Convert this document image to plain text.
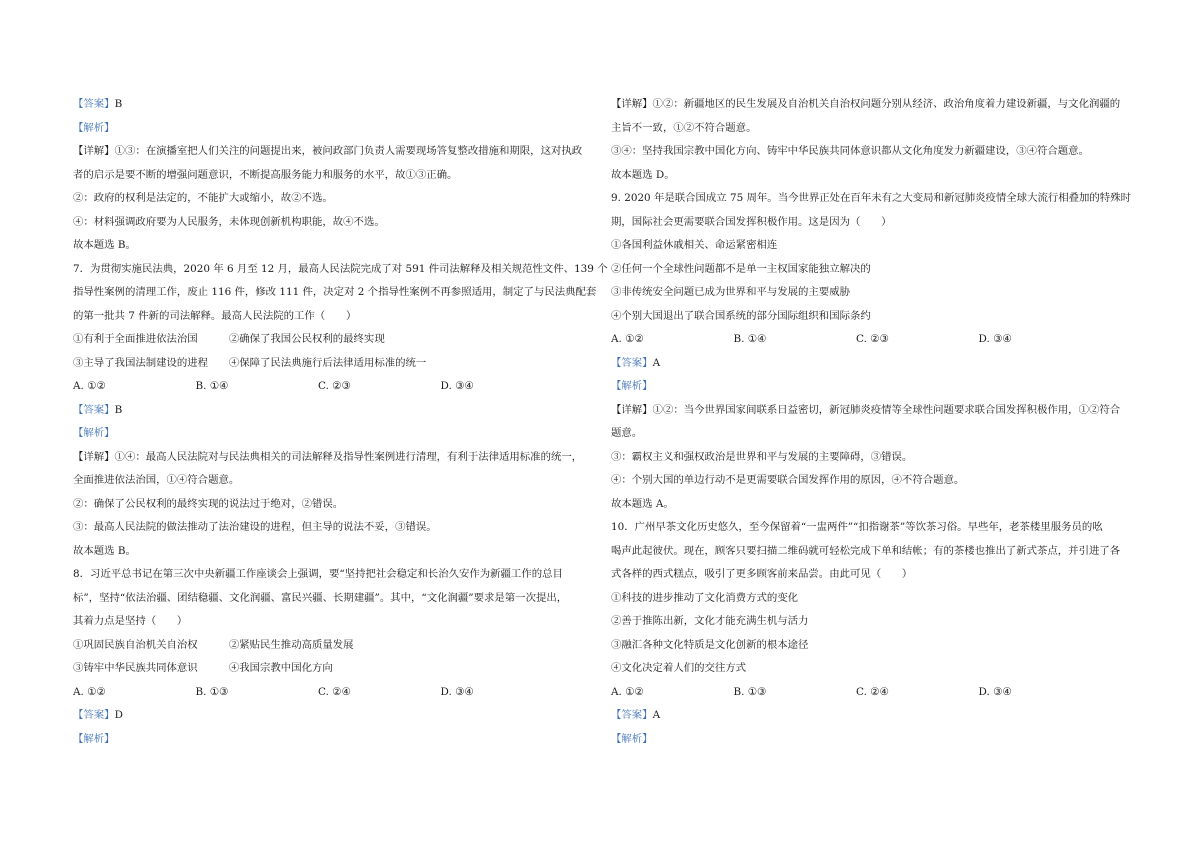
【答案】B
【解析】
【详解】①③：在演播室把人们关注的问题提出来，被问政部门负责人需要现场答复整改措施和期限，这对执政
者的启示是要不断的增强问题意识，不断提高服务能力和服务的水平，故①③正确。
②：政府的权利是法定的，不能扩大或缩小，故②不选。
④：材料强调政府要为人民服务，未体现创新机构职能，故④不选。
故本题选 B。
7．为贯彻实施民法典，2020 年 6 月至 12 月，最高人民法院完成了对 591 件司法解释及相关规范性文件、139 个
指导性案例的清理工作，废止 116 件，修改 111 件，决定对 2 个指导性案例不再参照适用，制定了与民法典配套
的第一批共 7 件新的司法解释。最高人民法院的工作（　　）
①有利于全面推进依法治国　　　②确保了我国公民权利的最终实现
③主导了我国法制建设的进程　　④保障了民法典施行后法律适用标准的统一
A. ①②	B. ①④	C. ②③	D. ③④
【答案】B
【解析】
【详解】①④：最高人民法院对与民法典相关的司法解释及指导性案例进行清理，有利于法律适用标准的统一，
全面推进依法治国，①④符合题意。
②：确保了公民权利的最终实现的说法过于绝对，②错误。
③：最高人民法院的做法推动了法治建设的进程，但主导的说法不妥，③错误。
故本题选 B。
8．习近平总书记在第三次中央新疆工作座谈会上强调，要“坚持把社会稳定和长治久安作为新疆工作的总目
标”，坚持“依法治疆、团结稳疆、文化润疆、富民兴疆、长期建疆”。其中，“文化润疆”要求是第一次提出，
其着力点是坚持（　　）
①巩固民族自治机关自治权　　　②紧贴民生推动高质量发展
③铸牢中华民族共同体意识　　　④我国宗教中国化方向
A. ①②	B. ①③	C. ②④	D. ③④
【答案】D
【解析】
【详解】①②：新疆地区的民生发展及自治机关自治权问题分别从经济、政治角度着力建设新疆，与文化润疆的
主旨不一致，①②不符合题意。
③④：坚持我国宗教中国化方向、铸牢中华民族共同体意识都从文化角度发力新疆建设，③④符合题意。
故本题选 D。
9. 2020 年是联合国成立 75 周年。当今世界正处在百年未有之大变局和新冠肺炎疫情全球大流行相叠加的特殊时
期，国际社会更需要联合国发挥积极作用。这是因为（　　）
①各国利益休戚相关、命运紧密相连
②任何一个全球性问题都不是单一主权国家能独立解决的
③非传统安全问题已成为世界和平与发展的主要威胁
④个别大国退出了联合国系统的部分国际组织和国际条约
A. ①②	B. ①④	C. ②③	D. ③④
【答案】A
【解析】
【详解】①②：当今世界国家间联系日益密切，新冠肺炎疫情等全球性问题要求联合国发挥积极作用，①②符合
题意。
③：霸权主义和强权政治是世界和平与发展的主要障碍，③错误。
④：个别大国的单边行动不是更需要联合国发挥作用的原因，④不符合题意。
故本题选 A。
10．广州早茶文化历史悠久，至今保留着“一盅两件”“扣指谢茶”等饮茶习俗。早些年，老茶楼里服务员的吆
喝声此起彼伏。现在，顾客只要扫描二维码就可轻松完成下单和结帐；有的茶楼也推出了新式茶点，并引进了各
式各样的西式糕点，吸引了更多顾客前来品尝。由此可见（　　）
①科技的进步推动了文化消费方式的变化
②善于推陈出新，文化才能充满生机与活力
③融汇各种文化特质是文化创新的根本途径
④文化决定着人们的交往方式
A. ①②	B. ①③	C. ②④	D. ③④
【答案】A
【解析】
